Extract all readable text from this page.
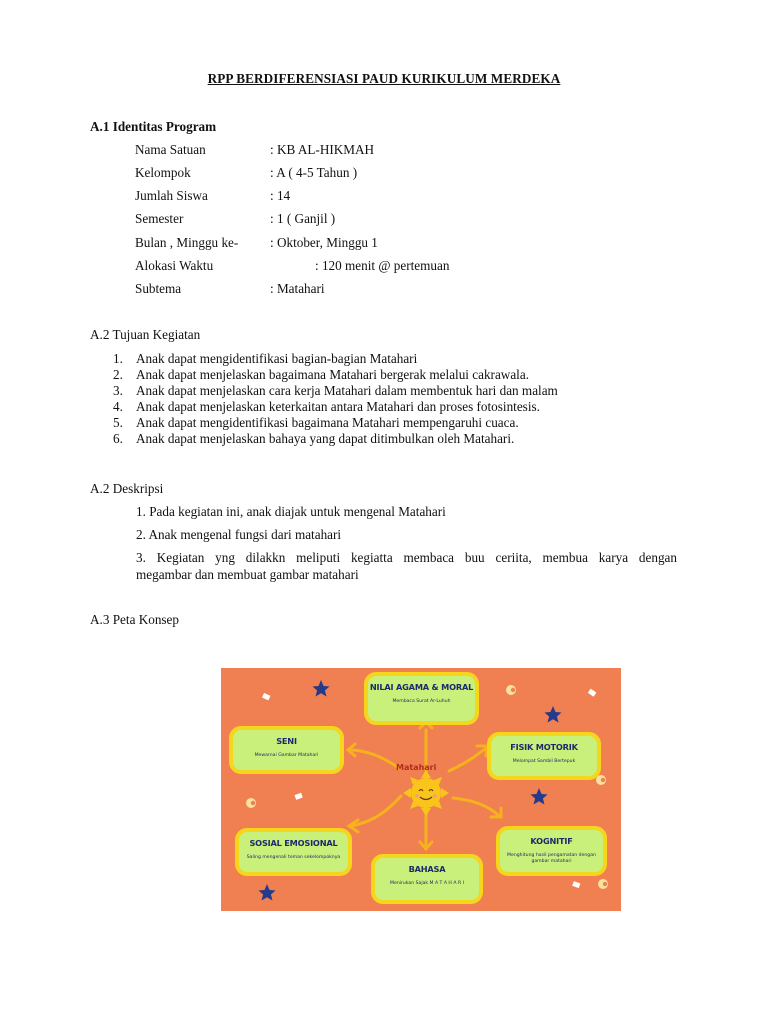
RPP BERDIFERENSIASI PAUD KURIKULUM MERDEKA
A.1 Identitas Program
Nama Satuan	: KB AL-HIKMAH
Kelompok	: A ( 4-5 Tahun )
Jumlah Siswa	: 14
Semester	: 1 ( Ganjil )
Bulan , Minggu ke- : Oktober, Minggu 1
Alokasi Waktu	: 120 menit @ pertemuan
Subtema	: Matahari
A.2 Tujuan Kegiatan
1. Anak dapat mengidentifikasi bagian-bagian Matahari
2. Anak dapat menjelaskan bagaimana Matahari bergerak melalui cakrawala.
3. Anak dapat menjelaskan cara kerja Matahari dalam membentuk hari dan malam
4. Anak dapat menjelaskan keterkaitan antara Matahari dan proses fotosintesis.
5. Anak dapat mengidentifikasi bagaimana Matahari mempengaruhi cuaca.
6. Anak dapat menjelaskan bahaya yang dapat ditimbulkan oleh Matahari.
A.2 Deskripsi
1. Pada kegiatan ini, anak diajak untuk mengenal Matahari
2. Anak mengenal fungsi dari matahari
3. Kegiatan yng dilakkn meliputi kegiatta membaca buu ceriita, membua karya dengan
megambar dan membuat gambar matahari
A.3 Peta Konsep
Matahari
NILAI AGAMA & MORAL
Membaca Surat Ar-Luhuh
SENI
Mewarnai Gambar Matahari
FISIK MOTORIK
Melompat Sambil Bertepuk
SOSIAL EMOSIONAL
Saling mengenali teman sekelompoknya
KOGNITIF
Menghitung hasil pengamatan dengan gambar matahari
BAHASA
Menirukan Sajak M A T A H A R I
